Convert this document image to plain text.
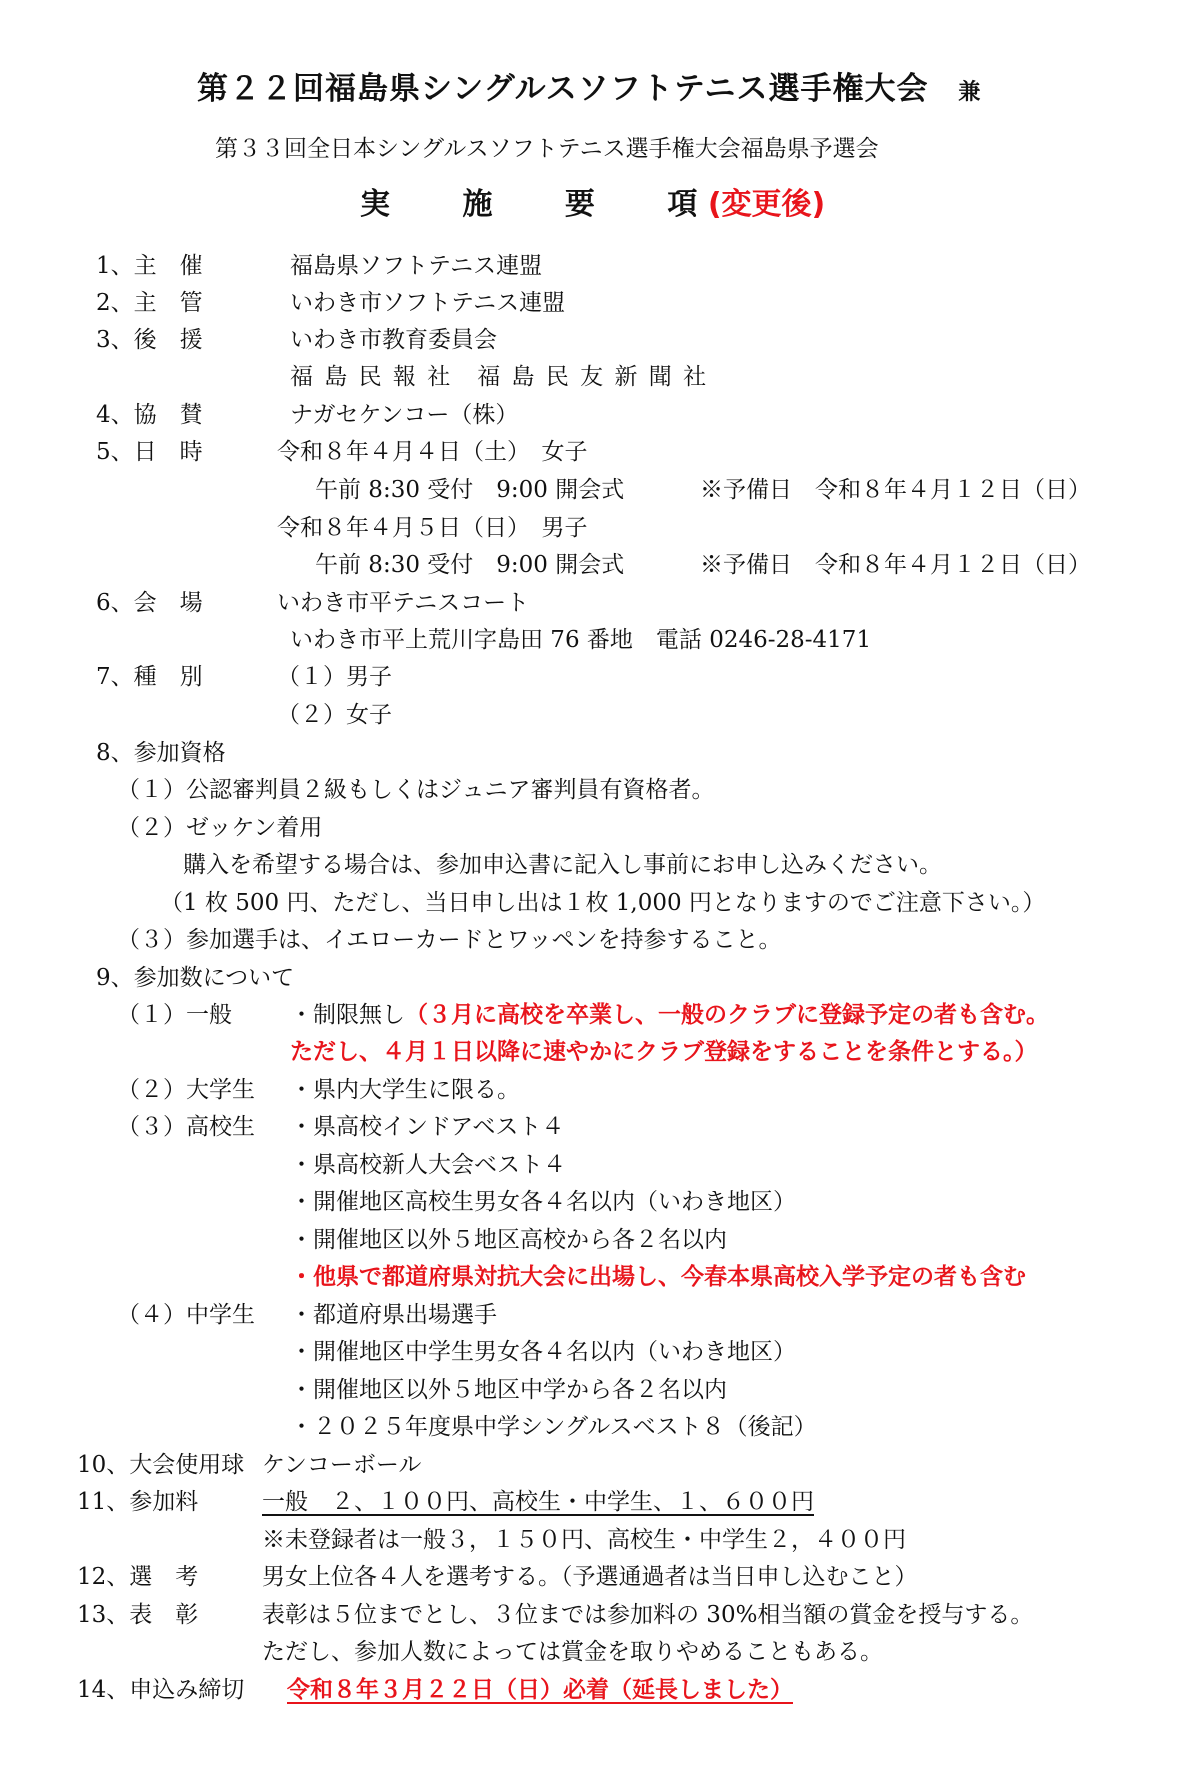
第２２回福島県シングルスソフトテニス選手権大会 兼
第３３回全日本シングルスソフトテニス選手権大会福島県予選会
実 施 要 項 (変更後)
1、主　催	福島県ソフトテニス連盟
2、主　管	いわき市ソフトテニス連盟
3、後　援	いわき市教育委員会
福 島 民 報 社　福 島 民 友 新 聞 社
4、協　賛	ナガセケンコー（株）
5、日　時	令和８年４月４日（土）　女子
午前 8:30 受付　9:00 開会式	※予備日　令和８年４月１２日（日）
令和８年４月５日（日）　男子
午前 8:30 受付　9:00 開会式	※予備日　令和８年４月１２日（日）
6、会　場	いわき市平テニスコート
いわき市平上荒川字島田 76 番地　電話 0246-28-4171
7、種　別	（１）男子
（２）女子
8、参加資格
（１）公認審判員２級もしくはジュニア審判員有資格者。
（２）ゼッケン着用
購入を希望する場合は、参加申込書に記入し事前にお申し込みください。
（1 枚 500 円、ただし、当日申し出は１枚 1,000 円となりますのでご注意下さい。）
（３）参加選手は、イエローカードとワッペンを持参すること。
9、参加数について
（１）一般	・制限無し（３月に高校を卒業し、一般のクラブに登録予定の者も含む。
ただし、４月１日以降に速やかにクラブ登録をすることを条件とする。）
（２）大学生 ・県内大学生に限る。
（３）高校生 ・県高校インドアベスト４
・県高校新人大会ベスト４
・開催地区高校生男女各４名以内（いわき地区）
・開催地区以外５地区高校から各２名以内
・他県で都道府県対抗大会に出場し、今春本県高校入学予定の者も含む
（４）中学生 ・都道府県出場選手
・開催地区中学生男女各４名以内（いわき地区）
・開催地区以外５地区中学から各２名以内
・２０２５年度県中学シングルスベスト８（後記）
10、大会使用球 ケンコーボール
11、参加料	一般　２、１００円、高校生・中学生、１、６００円
※未登録者は一般３，１５０円、高校生・中学生２，４００円
12、選　考	男女上位各４人を選考する。（予選通過者は当日申し込むこと）
13、表　彰	表彰は５位までとし、３位までは参加料の 30%相当額の賞金を授与する。
ただし、参加人数によっては賞金を取りやめることもある。
14、申込み締切 令和８年３月２２日（日）必着（延長しました）
